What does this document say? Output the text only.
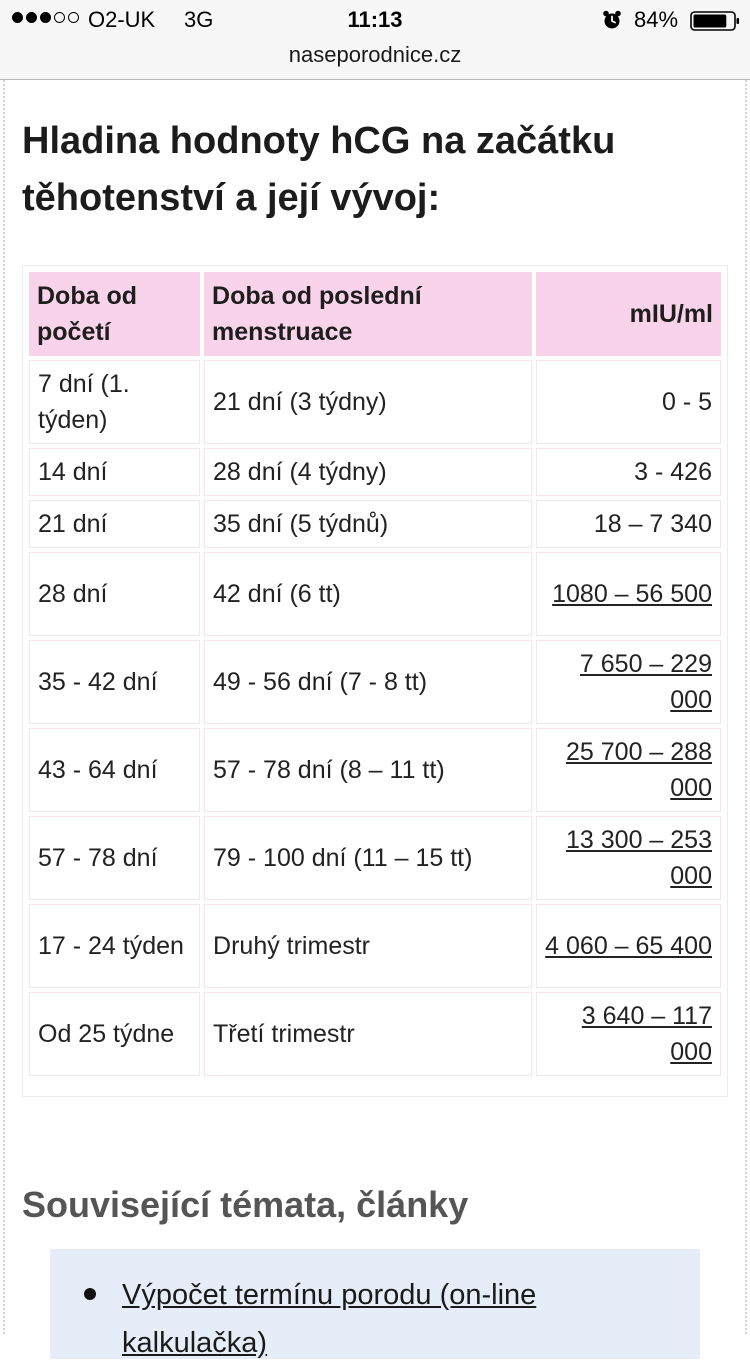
O2-UK 3G	11:13	84%
naseporodnice.cz
Hladina hodnoty hCG na začátku těhotenství a její vývoj:
Doba od početí	Doba od poslední menstruace	mIU/ml
7 dní (1. týden)	21 dní (3 týdny)	0 - 5
14 dní	28 dní (4 týdny)	3 - 426
21 dní	35 dní (5 týdnů)	18 – 7 340
28 dní	42 dní (6 tt)	1080 – 56 500
35 - 42 dní	49 - 56 dní (7 - 8 tt)	7 650 – 229 000
43 - 64 dní	57 - 78 dní (8 – 11 tt)	25 700 – 288 000
57 - 78 dní	79 - 100 dní (11 – 15 tt)	13 300 – 253 000
17 - 24 týden	Druhý trimestr	4 060 – 65 400
Od 25 týdne	Třetí trimestr	3 640 – 117 000
Související témata, články
Výpočet termínu porodu (on-line
kalkulačka)
